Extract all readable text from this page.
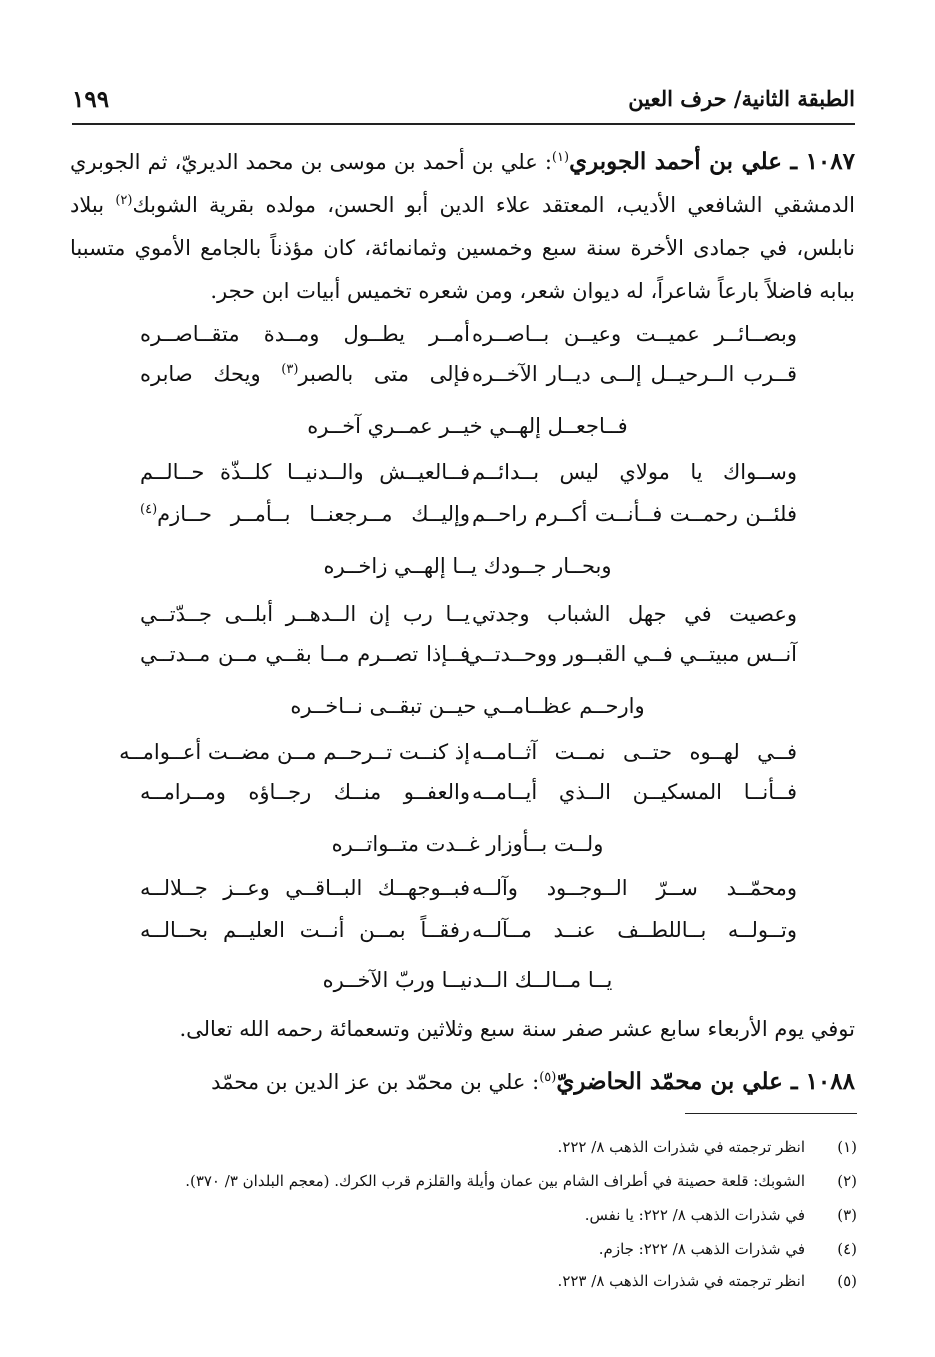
الطبقة الثانية/ حرف العين
١٩٩
١٠٨٧ ـ علي بن أحمد الجوبري$^{(١)}$: علي بن أحمد بن موسى بن محمد الديريّ، ثم الجوبري الدمشقي الشافعي الأديب، المعتقد علاء الدين أبو الحسن، مولده بقرية الشوبك$^{(٢)}$ ببلاد نابلس، في جمادى الأخرة سنة سبع وخمسين وثمانمائة، كان مؤذناً بالجامع الأموي متسببا ببابه فاضلاً بارعاً شاعراً، له ديوان شعر، ومن شعره تخميس أبيات ابن حجر.
أمــر يطــول ومــدة متقــاصــره وبصــائــر عميــت وعيــن بــاصــره
فإلى متى بالصبر$^{(٣)}$ ويحك صابره	قــرب الــرحيــل إلــى ديــار الآخــره
فــاجعــل إلهــي خيــر عمــري آخــره
فــالعيــش والــدنيــا كلــذّة حــالــم وســواك يا مولاي ليس بــدائــم
وإليــك مــرجعنــا بــأمــر حــازم$^{(٤)}$	فلئــن رحمــت فــأنــت أكــرم راحــم
وبحــار جــودك يــا إلهــي زاخــره
يــا رب إن الــدهــر أبلــى جــدّتــي وعصيت في جهل الشباب وجدتي
فــإذا تصــرم مــا بقــي مــن مــدتــي
آنــس مبيتــي فــي القبــور ووحــدتــي
وارحــم عظــامــي حيــن تبقــى نــاخــره
إذ كنــت تــرحــم مــن مضــت أعــوامــه فــي لهــوه حتــى نمــت آثــامــه
والعفــو منــك رجــاؤه ومــرامــه فــأنــا المسكيــن الــذي أيــامــه
ولــت بــأوزار غــدت متــواتــره
فبــوجهــك البــاقــي وعــز جــلالــه ومحمّــد ســرّ الــوجــود وآلــه
رفقــاً بمــن أنــت العليــم بحــالــه وتــولــه بــاللطــف عنــد مــآلــه
يــا مــالــك الــدنيــا وربّ الآخــره
توفي يوم الأربعاء سابع عشر صفر سنة سبع وثلاثين وتسعمائة رحمه الله تعالى.
١٠٨٨ ـ علي بن محمّد الحاضريّ$^{(٥)}$: علي بن محمّد بن عز الدين بن محمّد
(١)
انظر ترجمته في شذرات الذهب ٨/ ٢٢٢.
(٢)
الشوبك: قلعة حصينة في أطراف الشام بين عمان وأيلة والقلزم قرب الكرك. (معجم البلدان ٣/ ٣٧٠).
(٣)
في شذرات الذهب ٨/ ٢٢٢: يا نفس.
(٤)
في شذرات الذهب ٨/ ٢٢٢: جازم.
(٥)
انظر ترجمته في شذرات الذهب ٨/ ٢٢٣.
